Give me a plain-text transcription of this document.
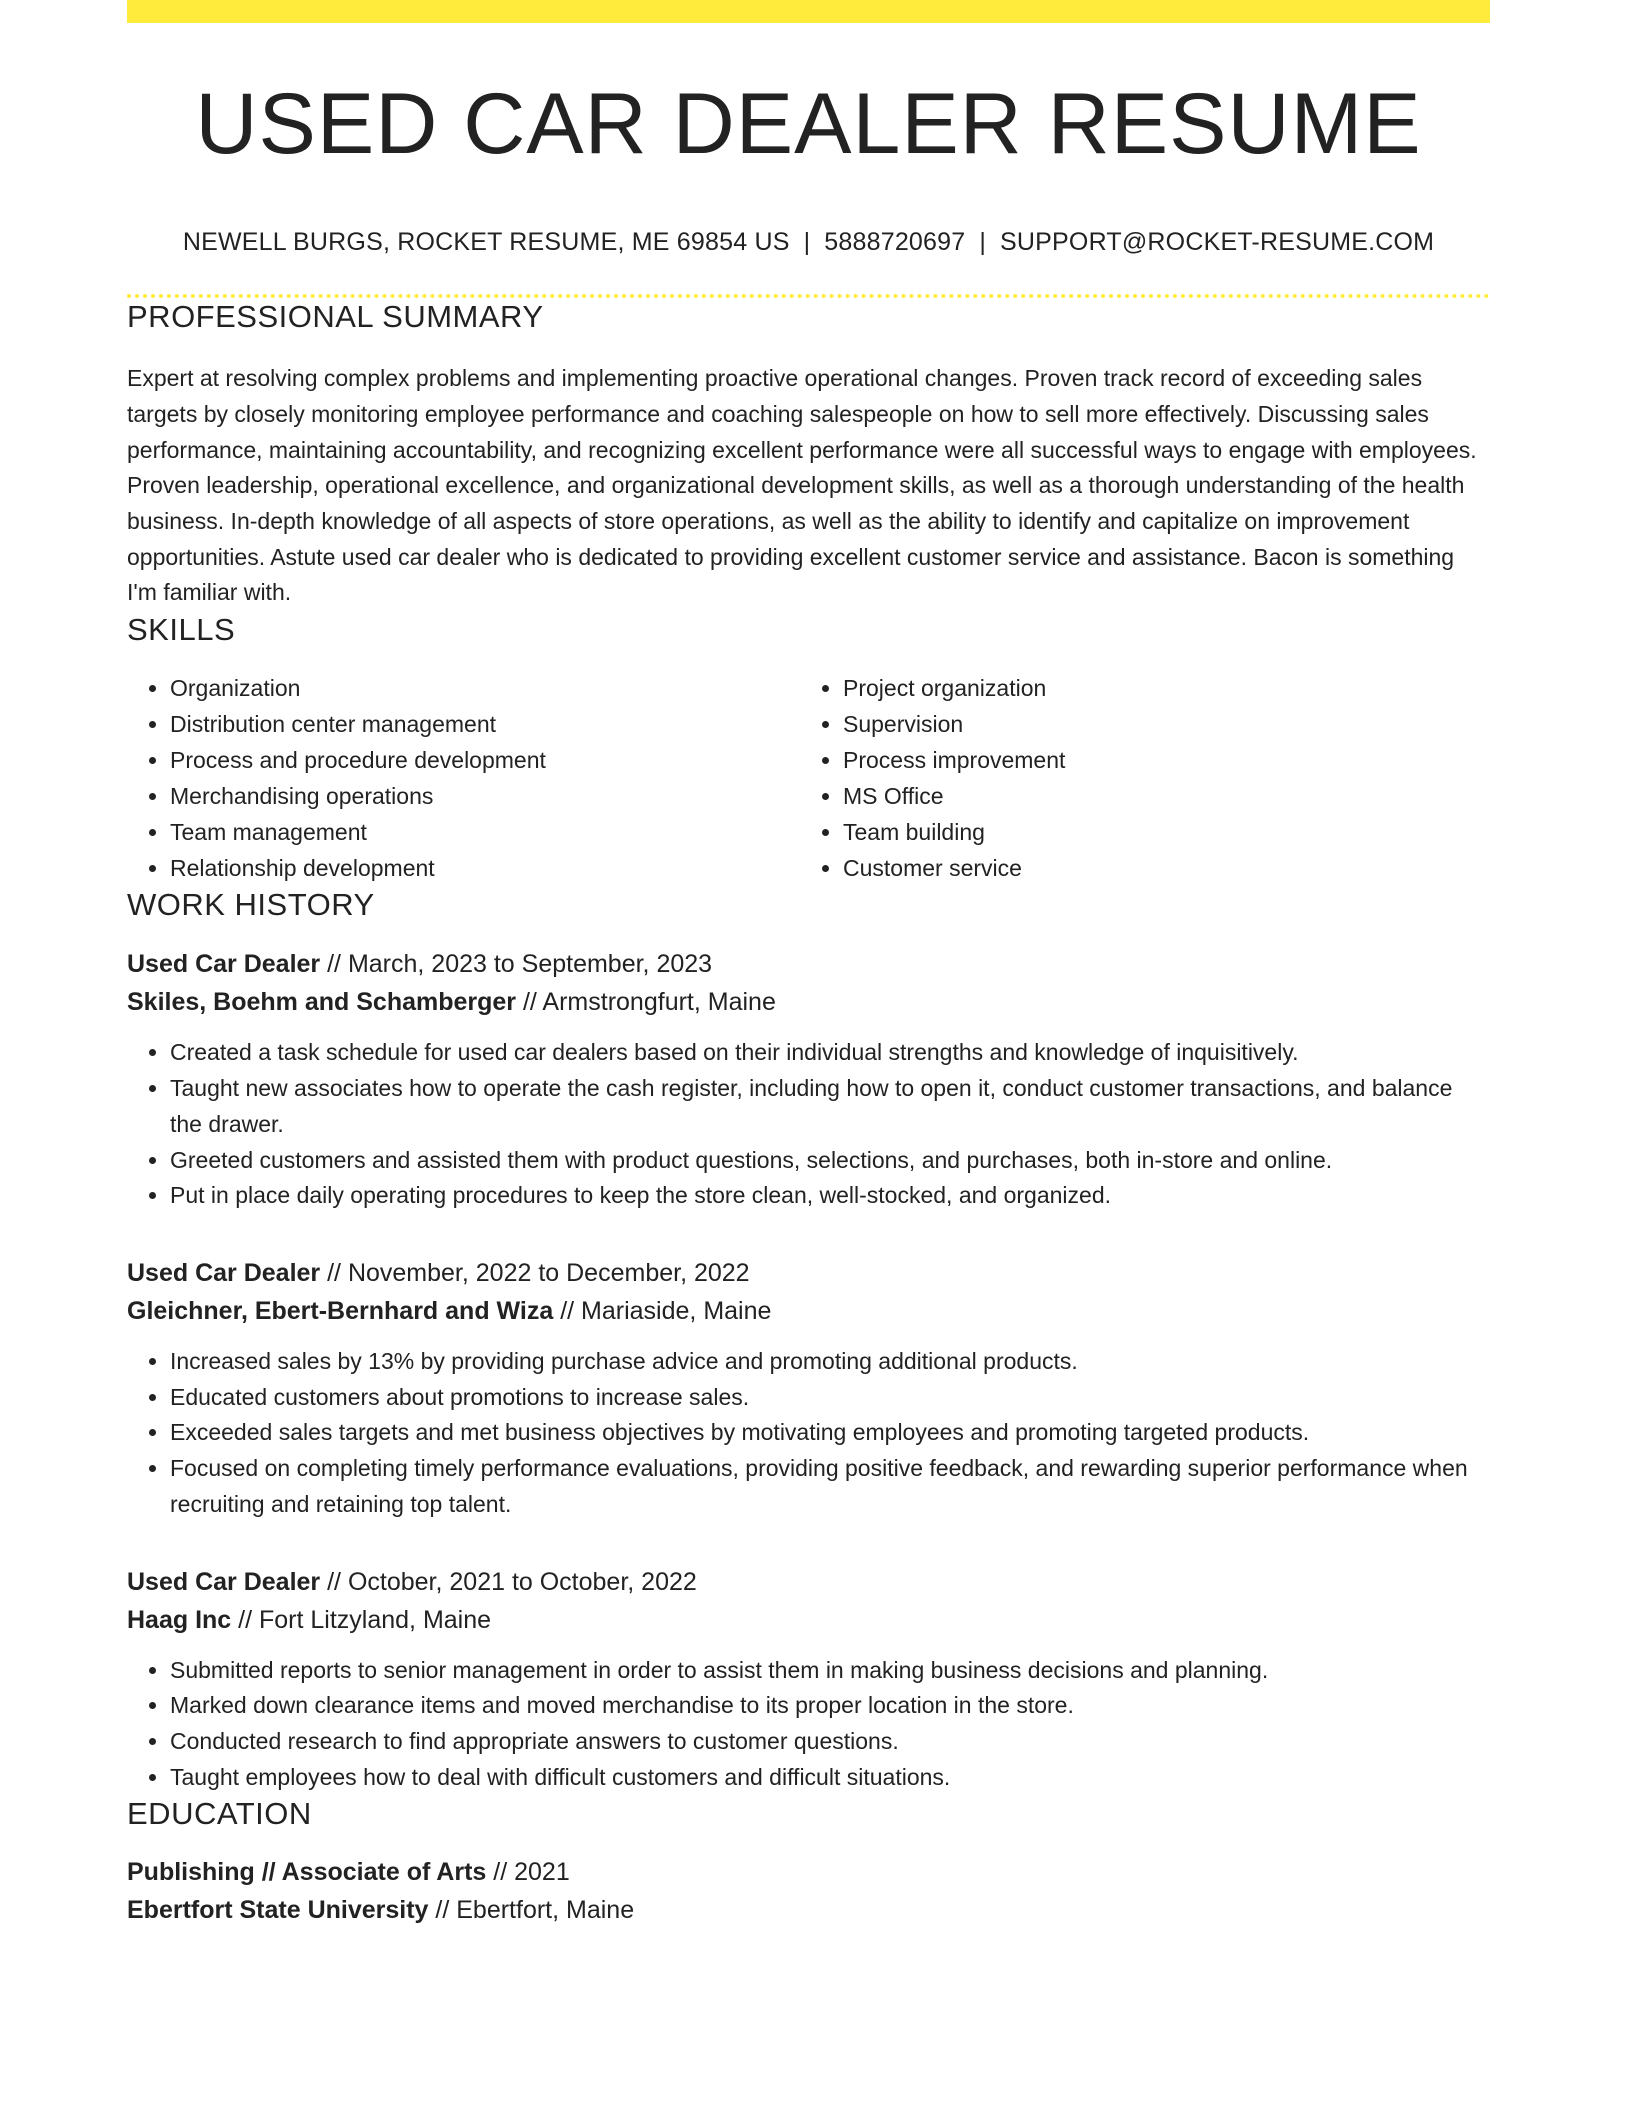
USED CAR DEALER RESUME
NEWELL BURGS, ROCKET RESUME, ME 69854 US | 5888720697 | SUPPORT@ROCKET-RESUME.COM
PROFESSIONAL SUMMARY

Expert at resolving complex problems and implementing proactive operational changes. Proven track record of exceeding sales targets by closely monitoring employee performance and coaching salespeople on how to sell more effectively. Discussing sales performance, maintaining accountability, and recognizing excellent performance were all successful ways to engage with employees. Proven leadership, operational excellence, and organizational development skills, as well as a thorough understanding of the health business. In-depth knowledge of all aspects of store operations, as well as the ability to identify and capitalize on improvement opportunities. Astute used car dealer who is dedicated to providing excellent customer service and assistance. Bacon is something I'm familiar with.

SKILLS
• Organization
• Distribution center management
• Process and procedure development
• Merchandising operations
• Team management
• Relationship development
• Project organization
• Supervision
• Process improvement
• MS Office
• Team building
• Customer service
WORK HISTORY
Used Car Dealer // March, 2023 to September, 2023
Skiles, Boehm and Schamberger // Armstrongfurt, Maine
• Created a task schedule for used car dealers based on their individual strengths and knowledge of inquisitively.
• Taught new associates how to operate the cash register, including how to open it, conduct customer transactions, and balance the drawer.
• Greeted customers and assisted them with product questions, selections, and purchases, both in-store and online.
• Put in place daily operating procedures to keep the store clean, well-stocked, and organized.
Used Car Dealer // November, 2022 to December, 2022
Gleichner, Ebert-Bernhard and Wiza // Mariaside, Maine
• Increased sales by 13% by providing purchase advice and promoting additional products.
• Educated customers about promotions to increase sales.
• Exceeded sales targets and met business objectives by motivating employees and promoting targeted products.
• Focused on completing timely performance evaluations, providing positive feedback, and rewarding superior performance when recruiting and retaining top talent.
Used Car Dealer // October, 2021 to October, 2022
Haag Inc // Fort Litzyland, Maine
• Submitted reports to senior management in order to assist them in making business decisions and planning.
• Marked down clearance items and moved merchandise to its proper location in the store.
• Conducted research to find appropriate answers to customer questions.
• Taught employees how to deal with difficult customers and difficult situations.
EDUCATION
Publishing // Associate of Arts // 2021
Ebertfort State University // Ebertfort, Maine
